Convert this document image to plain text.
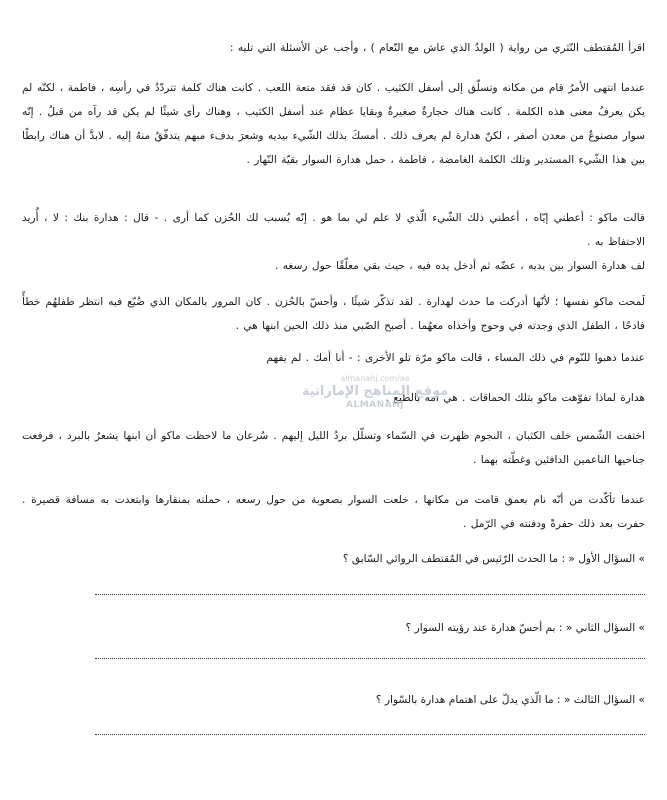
اقرأ المُقتطف النّثري من رواية ( الولدُ الذي عاش مع النّعام ) ، وأجب عن الأسئلة التي تليه :
عندما انتهى الأمرُ قام من مكانه وتسلّق إلى أسفل الكثيب . كان قد فقد متعة اللعب . كانت هناك كلمة تتردّدُ في رأسِه ، فاطمة ، لكنّه لم يكن يعرفُ معنى هذه الكلمة . كانت هناك حجارةٌ صغيرةٌ وبقايا عظام عند أسفل الكثيب ، وهناك رأى شيئًا لم يكن قد رآه من قبلُ . إنّه سوار مصنوعٌ من معدن أصفر ، لكنّ هدارة لم يعرف ذلك . أمسكَ بذلك الشّيء بيديه وشعرَ بدفء مبهم يتدفّقُ منهُ إليه . لابدَّ أن هناك رابطًا بين هذا الشّيء المستدير وتلك الكلمة الغامضة ، فاطمة ، حمل هدارة السوار بقيّة النّهار .
قالت ماكو : أعطني إيّاه ، أعطني ذلك الشّيء الّذي لا علم لي بما هو . إنّه يُسبب لك الحُزن كما أرى . - قال : هدارة بنك : لا ، أُريد الاحتفاظ به .
لف هدارة السوار بين يديه ، عضّه ثم أدخل يده فيه ، حيث بقي معلّقًا حول رسغه .
لَمحت ماكو نفسها ؛ لأنّها أدركت ما حدث لهدارة . لقد تذكّر شيئًا ، وأحسّ بالحُزن . كان المرور بالمكان الذي ضُيّع فيه انتظر طفلهُم خطأً فادحًا ، الطفل الذي وجدته في وحوج وأخذاه معهُما . أصبح الصّبي منذ ذلك الحين ابنها هي .
عندما ذهبوا للنّوم في ذلك المساء ، قالت ماكو مرّة تلو الأخرى : - أنا أمك . لم يفهم
هدارة لماذا تفوّهت ماكو بتلك الحماقات . هي أمه بالطبع .
اختفت الشّمس خلف الكثبان ، النجوم ظهرت في السّماء وتسلّل بردُ الليل إليهم . سُرعان ما لاحظت ماكو أن ابنها يشعرُ بالبرد ، فرفعت جناحيها الناعمين الدافئين وغطّته بهما .
عندما تأكّدت من أنّه نام بعمق قامت من مكانها ، خلعت السوار بصعوبة من حول رسغه ، حملته بمنقارها وابتعدت به مسافة قصيرة . حفرت بعد ذلك حفرةً ودفنته في الرّمل .
» السؤال الأول « : ما الحدث الرّئيس في المُقتطف الروائي السّابق ؟
» السؤال الثاني « : بم أحسّ هدارة عند رؤيته السوار ؟
» السؤال الثالث « : ما الّذي يدلّ على اهتمام هدارة بالسّوار ؟
almanahj.com/ae
موقع المناهج الإماراتية
ALMANAHJ
